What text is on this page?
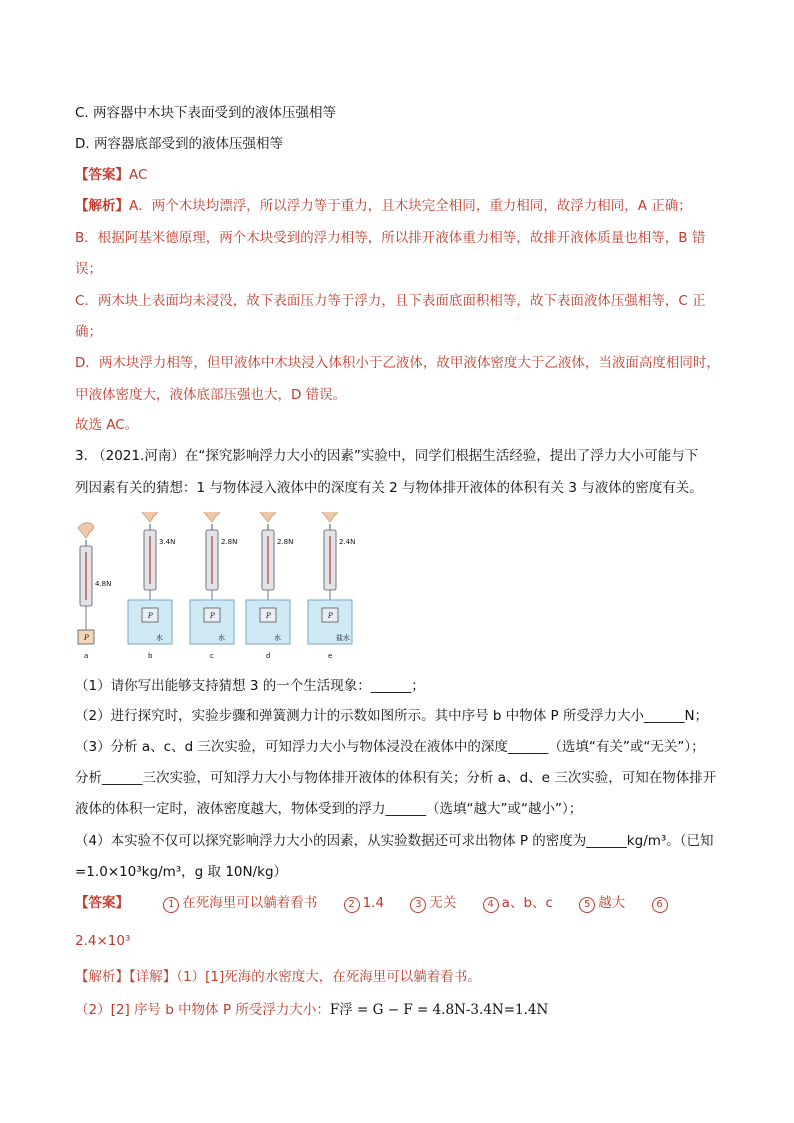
C. 两容器中木块下表面受到的液体压强相等
D. 两容器底部受到的液体压强相等
【答案】AC
【解析】A．两个木块均漂浮，所以浮力等于重力，且木块完全相同，重力相同，故浮力相同，A 正确；
B．根据阿基米德原理，两个木块受到的浮力相等，所以排开液体重力相等，故排开液体质量也相等，B 错
误；
C．两木块上表面均未浸没，故下表面压力等于浮力，且下表面底面积相等，故下表面液体压强相等，C 正
确；
D．两木块浮力相等，但甲液体中木块浸入体积小于乙液体，故甲液体密度大于乙液体，当液面高度相同时，
甲液体密度大，液体底部压强也大，D 错误。
故选 AC。
3. （2021.河南）在“探究影响浮力大小的因素”实验中，同学们根据生活经验，提出了浮力大小可能与下
列因素有关的猜想：1 与物体浸入液体中的深度有关 2 与物体排开液体的体积有关 3 与液体的密度有关。
4.8N
P
a
3.4N
水
P
b
2.8N
水
P
c
2.8N
水
P
d
2.4N
盐水
P
e
（1）请你写出能够支持猜想 3 的一个生活现象：______；
（2）进行探究时，实验步骤和弹簧测力计的示数如图所示。其中序号 b 中物体 P 所受浮力大小______N；
（3）分析 a、c、d 三次实验，可知浮力大小与物体浸没在液体中的深度______（选填“有关”或“无关”）；
分析______三次实验，可知浮力大小与物体排开液体的体积有关；分析 a、d、e 三次实验，可知在物体排开
液体的体积一定时，液体密度越大，物体受到的浮力______（选填“越大”或“越小”）；
（4）本实验不仅可以探究影响浮力大小的因素，从实验数据还可求出物体 P 的密度为______kg/m³。（已知
=1.0×10³kg/m³，g 取 10N/kg）
【答案】	1 在死海里可以躺着看书	2 1.4	3 无关	4 a、b、c	5 越大	6
2.4×10³
【解析】【详解】（1）[1]死海的水密度大，在死海里可以躺着看书。
（2）[2] 序号 b 中物体 P 所受浮力大小：F浮 = G − F = 4.8N-3.4N=1.4N
